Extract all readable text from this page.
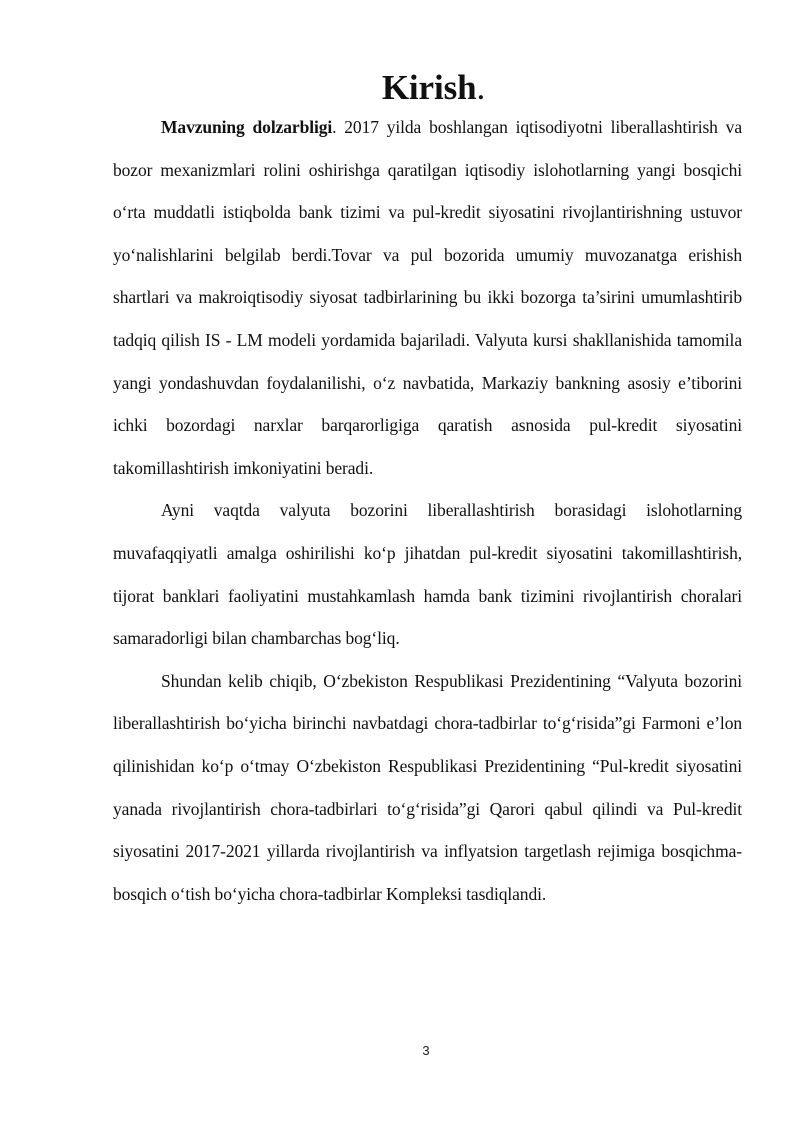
Kirish.

Mavzuning dolzarbligi. 2017 yilda boshlangan iqtisodiyotni liberallashtirish va bozor mexanizmlari rolini oshirishga qaratilgan iqtisodiy islohotlarning yangi bosqichi o‘rta muddatli istiqbolda bank tizimi va pul-kredit siyosatini rivojlantirishning ustuvor yo‘nalishlarini belgilab berdi.Tovar va pul bozorida umumiy muvozanatga erishish shartlari va makroiqtisodiy siyosat tadbirlarining bu ikki bozorga ta’sirini umumlashtirib tadqiq qilish IS - LM modeli yordamida bajariladi. Valyuta kursi shakllanishida tamomila yangi yondashuvdan foydalanilishi, o‘z navbatida, Markaziy bankning asosiy e’tiborini ichki bozordagi narxlar barqarorligiga qaratish asnosida pul-kredit siyosatini takomillashtirish imkoniyatini beradi.

Ayni vaqtda valyuta bozorini liberallashtirish borasidagi islohotlarning muvafaqqiyatli amalga oshirilishi ko‘p jihatdan pul-kredit siyosatini takomillashtirish, tijorat banklari faoliyatini mustahkamlash hamda bank tizimini rivojlantirish choralari samaradorligi bilan chambarchas bog‘liq.

Shundan kelib chiqib, O‘zbekiston Respublikasi Prezidentining “Valyuta bozorini liberallashtirish bo‘yicha birinchi navbatdagi chora-tadbirlar to‘g‘risida”gi Farmoni e’lon qilinishidan ko‘p o‘tmay O‘zbekiston Respublikasi Prezidentining “Pul-kredit siyosatini yanada rivojlantirish chora-tadbirlari to‘g‘risida”gi Qarori qabul qilindi va Pul-kredit siyosatini 2017-2021 yillarda rivojlantirish va inflyatsion targetlash rejimiga bosqichma-bosqich o‘tish bo‘yicha chora-tadbirlar Kompleksi tasdiqlandi.

3
